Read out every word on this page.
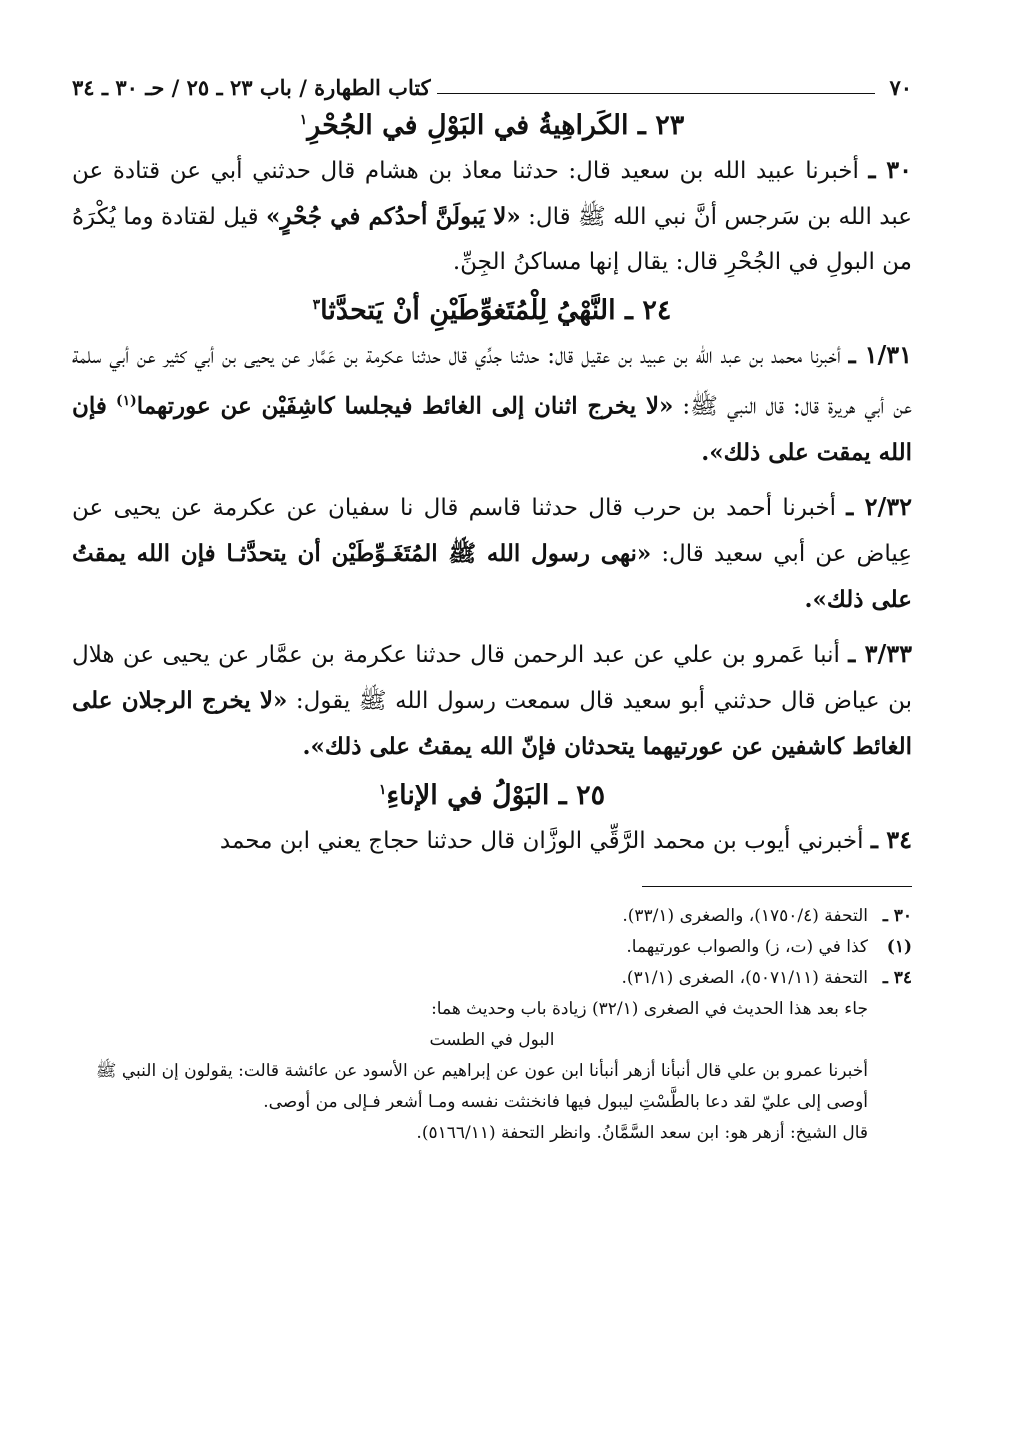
٧٠
كتاب الطهارة / باب ٢٣ ـ ٢٥ / حـ ٣٠ ـ ٣٤
٢٣ ـ الكَراهِيةُ في البَوْلِ في الجُحْرِ$^١$

٣٠ ـ أخبرنا عبيد الله بن سعيد قال: حدثنا معاذ بن هشام قال حدثني أبي عن قتادة عن عبد الله بن سَرجس أنَّ نبي الله ﷺ قال: «لا يَبولَنَّ أحدُكم في جُحْرٍ» قيل لقتادة وما يُكْرَهُ من البولِ في الجُحْرِ قال: يقال إنها مساكنُ الجِنِّ.

٢٤ ـ النَّهْيُ لِلْمُتَغوِّطَيْنِ أنْ يَتحدَّثا$^٣$

١/٣١ ـ أخبرنا محمد بن عبد الله بن عبيد بن عقيل قال: حدثنا جدِّي قال حدثنا عكرمة بن عَمَّار عن يحيى بن أبي كثير عن أبي سلمة عن أبي هريرة قال: قال النبي ﷺ: «لا يخرج اثنان إلى الغائط فيجلسا كاشِفَيْن عن عورتهما$^{(١)}$ فإن الله يمقت على ذلك».

٢/٣٢ ـ أخبرنا أحمد بن حرب قال حدثنا قاسم قال نا سفيان عن عكرمة عن يحيى عن عِياض عن أبي سعيد قال: «نهى رسول الله ﷺ المُتَغَـوِّطَيْن أن يتحدَّثـا فإن الله يمقتُ على ذلك».

٣/٣٣ ـ أنبا عَمرو بن علي عن عبد الرحمن قال حدثنا عكرمة بن عمَّار عن يحيى عن هلال بن عياض قال حدثني أبو سعيد قال سمعت رسول الله ﷺ يقول: «لا يخرج الرجلان على الغائط كاشفين عن عورتيهما يتحدثان فإنّ الله يمقتُ على ذلك».

٢٥ ـ البَوْلُ في الإناءِ$^١$

٣٤ ـ أخبرني أيوب بن محمد الرَّقِّي الوزَّان قال حدثنا حجاج يعني ابن محمد

٣٠ ـالتحفة (١٧٥٠/٤)، والصغرى (٣٣/١).

(١)كذا في (ت، ز) والصواب عورتيهما.

٣٤ ـالتحفة (٥٠٧١/١١)، الصغرى (٣١/١).

جاء بعد هذا الحديث في الصغرى (٣٢/١) زيادة باب وحديث هما:

البول في الطست

أخبرنا عمرو بن علي قال أنبأنا أزهر أنبأنا ابن عون عن إبراهيم عن الأسود عن عائشة قالت: يقولون إن النبي ﷺ أوصى إلى عليّ لقد دعا بالطَّسْتِ ليبول فيها فانخنثت نفسه ومـا أشعر فـإلى من أوصى.

قال الشيخ: أزهر هو: ابن سعد السَّمَّانُ. وانظر التحفة (٥١٦٦/١١).
